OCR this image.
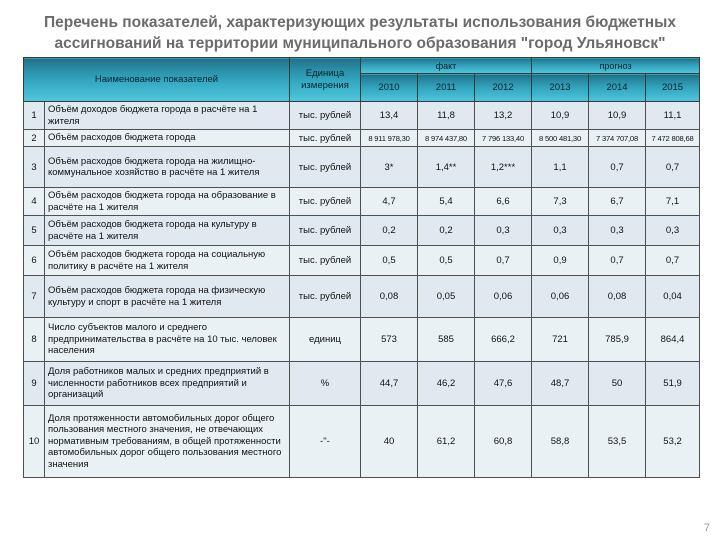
Перечень показателей, характеризующих результаты использования бюджетных
ассигнований на территории муниципального образования "город Ульяновск"
Наименование показателей		Единица измерения	факт			прогноз		
			2010	2011	2012	2013	2014	2015
1	Объём доходов бюджета города в расчёте на 1 жителя	тыс. рублей	13,4	11,8	13,2	10,9	10,9	11,1
2	Объём расходов бюджета города	тыс. рублей	8 911 978,30	8 974 437,80	7 796 133,40	8 500 481,30	7 374 707,08	7 472 808,68
3	Объём расходов бюджета города на жилищно-коммунальное хозяйство в расчёте на 1 жителя	тыс. рублей	3*	1,4**	1,2***	1,1	0,7	0,7
4	Объём расходов бюджета города на образование в расчёте на 1 жителя	тыс. рублей	4,7	5,4	6,6	7,3	6,7	7,1
5	Объём расходов бюджета города на культуру в расчёте на 1 жителя	тыс. рублей	0,2	0,2	0,3	0,3	0,3	0,3
6	Объём расходов бюджета города на социальную политику в расчёте на 1 жителя	тыс. рублей	0,5	0,5	0,7	0,9	0,7	0,7
7	Объём расходов бюджета города на физическую культуру и спорт в расчёте на 1 жителя	тыс. рублей	0,08	0,05	0,06	0,06	0,08	0,04
8	Число субъектов малого и среднего предпринимательства в расчёте на 10 тыс. человек населения	единиц	573	585	666,2	721	785,9	864,4
9	Доля работников малых и средних предприятий в численности работников всех предприятий и организаций	%	44,7	46,2	47,6	48,7	50	51,9
10	Доля протяженности автомобильных дорог общего пользования местного значения, не отвечающих нормативным требованиям, в общей протяженности автомобильных дорог общего пользования местного значения	-"-	40	61,2	60,8	58,8	53,5	53,2
7
